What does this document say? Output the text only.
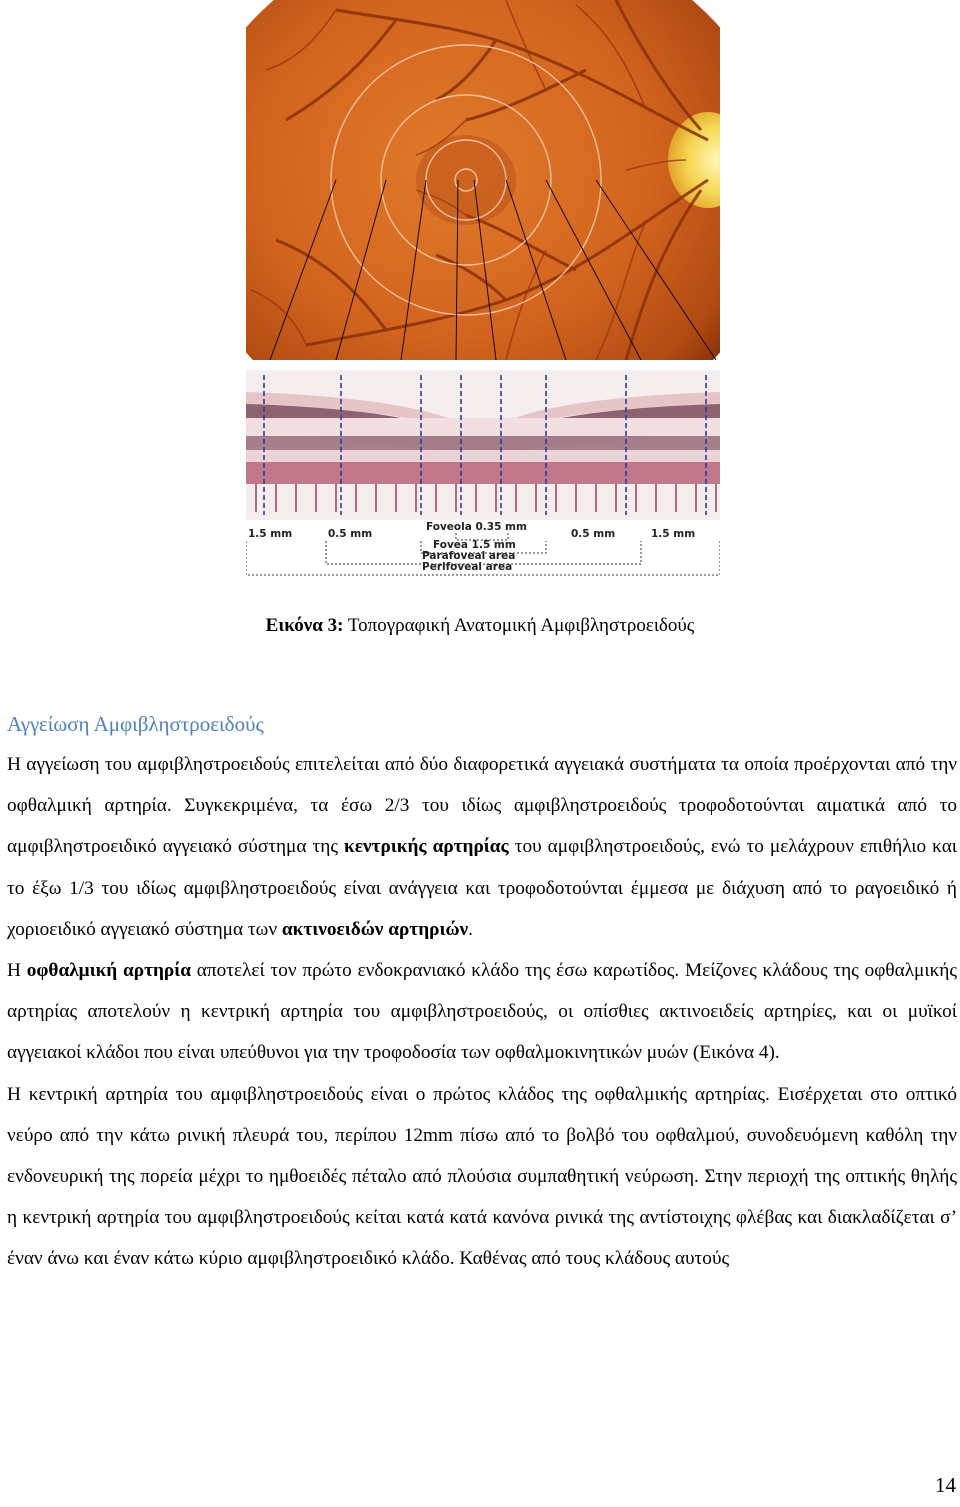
1.5 mm	0.5 mm
Foveola 0.35 mm
0.5 mm	1.5 mm
Fovea 1.5 mm
Parafoveal area
Perifoveal area
Εικόνα 3: Τοπογραφική Ανατομική Αμφιβληστροειδούς
Αγγείωση Αμφιβληστροειδούς

Η αγγείωση του αμφιβληστροειδούς επιτελείται από δύο διαφορετικά αγγειακά συστήματα τα οποία προέρχονται από την οφθαλμική αρτηρία. Συγκεκριμένα, τα έσω 2/3 του ιδίως αμφιβληστροειδούς τροφοδοτούνται αιματικά από το αμφιβληστροειδικό αγγειακό σύστημα της κεντρικής αρτηρίας του αμφιβληστροειδούς, ενώ το μελάχρουν επιθήλιο και το έξω 1/3 του ιδίως αμφιβληστροειδούς είναι ανάγγεια και τροφοδοτούνται έμμεσα με διάχυση από το ραγοειδικό ή χοριοειδικό αγγειακό σύστημα των ακτινοειδών αρτηριών.

Η οφθαλμική αρτηρία αποτελεί τον πρώτο ενδοκρανιακό κλάδο της έσω καρωτίδος. Μείζονες κλάδους της οφθαλμικής αρτηρίας αποτελούν η κεντρική αρτηρία του αμφιβληστροειδούς, οι οπίσθιες ακτινοειδείς αρτηρίες, και οι μυϊκοί αγγειακοί κλάδοι που είναι υπεύθυνοι για την τροφοδοσία των οφθαλμοκινητικών μυών (Εικόνα 4).

Η κεντρική αρτηρία του αμφιβληστροειδούς είναι ο πρώτος κλάδος της οφθαλμικής αρτηρίας. Εισέρχεται στο οπτικό νεύρο από την κάτω ρινική πλευρά του, περίπου 12mm πίσω από το βολβό του οφθαλμού, συνοδευόμενη καθόλη την ενδονευρική της πορεία μέχρι το ημθοειδές πέταλο από πλούσια συμπαθητική νεύρωση. Στην περιοχή της οπτικής θηλής η κεντρική αρτηρία του αμφιβληστροειδούς κείται κατά κατά κανόνα ρινικά της αντίστοιχης φλέβας και διακλαδίζεται σ’ έναν άνω και έναν κάτω κύριο αμφιβληστροειδικό κλάδο. Καθένας από τους κλάδους αυτούς

14
